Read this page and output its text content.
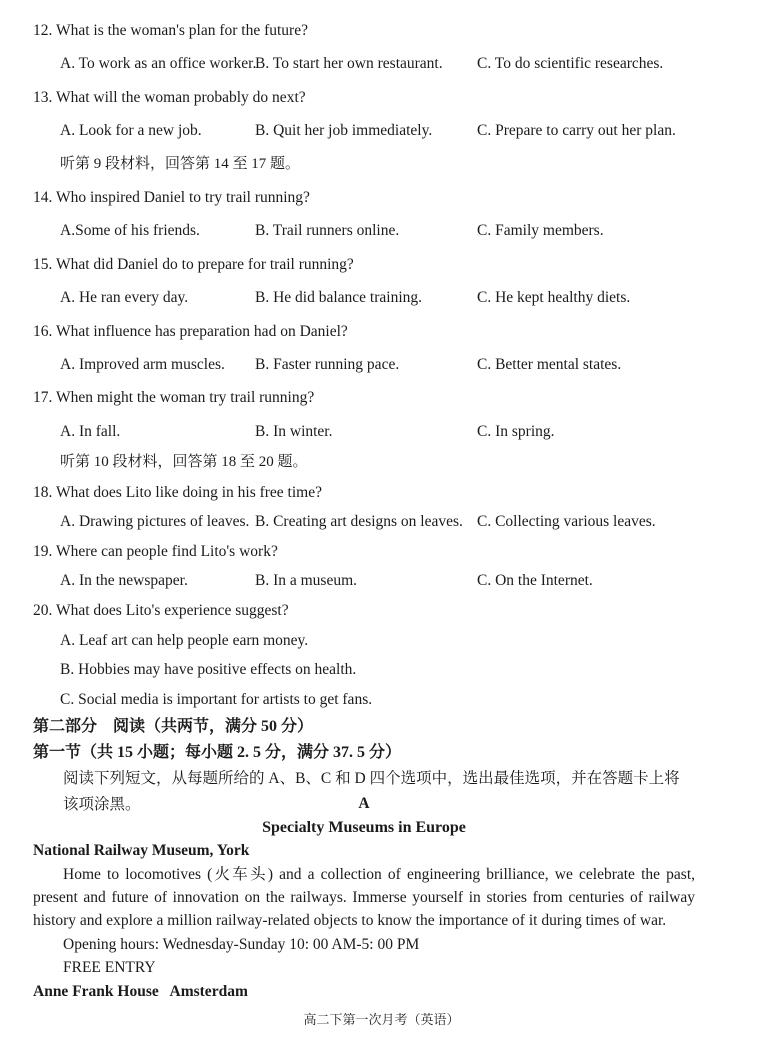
12. What is the woman's plan for the future?
A. To work as an office worker.
B. To start her own restaurant.	C. To do scientific researches.
13. What will the woman probably do next?
A. Look for a new job.	B. Quit her job immediately.	C. Prepare to carry out her plan.
听第 9 段材料，回答第 14 至 17 题。
14. Who inspired Daniel to try trail running?
A.Some of his friends.	B. Trail runners online.	C. Family members.
15. What did Daniel do to prepare for trail running?
A. He ran every day.	B. He did balance training.	C. He kept healthy diets.
16. What influence has preparation had on Daniel?
A. Improved arm muscles.	B. Faster running pace.	C. Better mental states.
17. When might the woman try trail running?
A. In fall.	B. In winter.	C. In spring.
听第 10 段材料，回答第 18 至 20 题。
18. What does Lito like doing in his free time?
A. Drawing pictures of leaves. B. Creating art designs on leaves. C. Collecting various leaves.
19. Where can people find Lito's work?
A. In the newspaper.	B. In a museum.	C. On the Internet.
20. What does Lito's experience suggest?
A. Leaf art can help people earn money.
B. Hobbies may have positive effects on health.
C. Social media is important for artists to get fans.
第二部分　阅读（共两节，满分 50 分）
第一节（共 15 小题；每小题 2. 5 分，满分 37. 5 分）
阅读下列短文，从每题所给的 A、B、C 和 D 四个选项中，选出最佳选项，并在答题卡上将该项涂黑。	A
Specialty Museums in Europe
National Railway Museum, York

Home to locomotives (火车头) and a collection of engineering brilliance, we celebrate the past, present and future of innovation on the railways. Immerse yourself in stories from centuries of railway history and explore a million railway-related objects to know the importance of it during times of war.

Opening hours: Wednesday-Sunday 10: 00 AM-5: 00 PM
FREE ENTRY
Anne Frank House   Amsterdam
高二下第一次月考（英语）
